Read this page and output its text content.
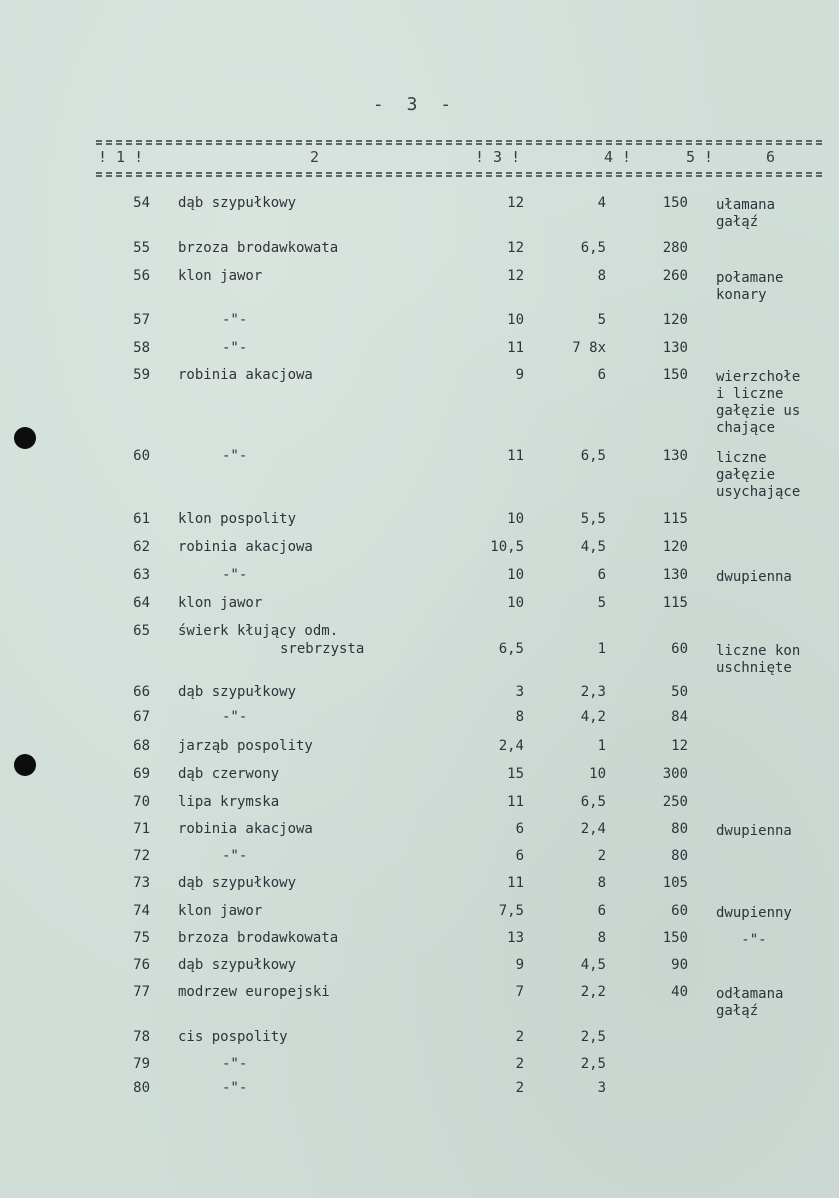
- 3 -
! 1 !	2	! 3 !	4 !	5 !	6
54 dąb szypułkowy	12	4	150 ułamana
gałąź
55 brzoza brodawkowata	12	6,5	280
56 klon jawor	12	8	260 połamane
konary
57	-"-	10	5	120
58	-"-	11	7 8x	130
59 robinia akacjowa	9	6	150 wierzchołe
i liczne
gałęzie us
chające
60	-"-	11	6,5	130 liczne
gałęzie
usychające
61 klon pospolity	10	5,5	115
62 robinia akacjowa	10,5	4,5	120
63	-"-	10	6	130 dwupienna
64 klon jawor	10	5	115
65 świerk kłujący odm.
srebrzysta	6,5	1	60 liczne kon
uschnięte
66 dąb szypułkowy	3	2,3	50
67	-"-	8	4,2	84
68 jarząb pospolity	2,4	1	12
69 dąb czerwony	15	10	300
70 lipa krymska	11	6,5	250
71 robinia akacjowa	6	2,4	80 dwupienna
72	-"-	6	2	80
73 dąb szypułkowy	11	8	105
74 klon jawor	7,5	6	60 dwupienny
75 brzoza brodawkowata	13	8	150 -"-
76 dąb szypułkowy	9	4,5	90
77 modrzew europejski	7	2,2	40 odłamana
gałąź
78 cis pospolity	2	2,5
79	-"-	2	2,5
80	-"-	2	3
